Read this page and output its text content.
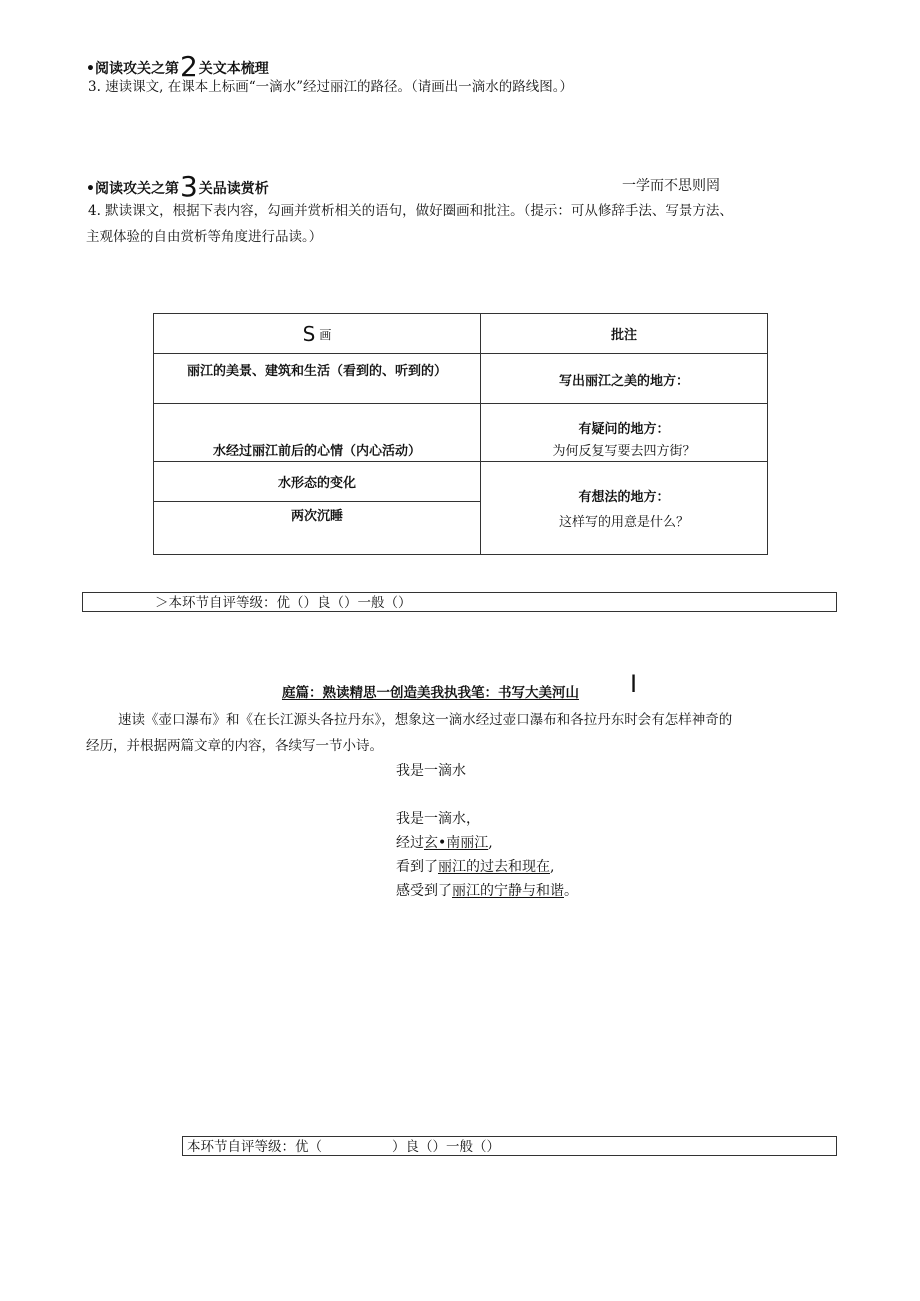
•阅读攻关之第2关文本梳理
3. 速读课文, 在课本上标画“一滴水”经过丽江的路径。（请画出一滴水的路线图。）
•阅读攻关之第3关品读赏析	一学而不思则罔
4. 默读课文，根据下表内容，勾画并赏析相关的语句，做好圈画和批注。（提示：可从修辞手法、写景方法、
主观体验的自由赏析等角度进行品读。）
S 画	批注
丽江的美景、建筑和生活（看到的、听到的）	写出丽江之美的地方：
水经过丽江前后的心情（内心活动）	有疑问的地方：
为何反复写要去四方街？

水形态的变化	有想法的地方：
这样写的用意是什么？

两次沉睡	
＞本环节自评等级：优（）良（）一般（）
庭篇：熟读精思一创造美我执我笔：书写大美河山 I
速读《壶口瀑布》和《在长江源头各拉丹东》，想象这一滴水经过壶口瀑布和各拉丹东时会有怎样神奇的
经历，并根据两篇文章的内容，各续写一节小诗。
我是一滴水
我是一滴水，
经过玄•南丽江,
看到了丽江的过去和现在,
感受到了丽江的宁静与和谐。
本环节自评等级：优（	）良（）一般（）
